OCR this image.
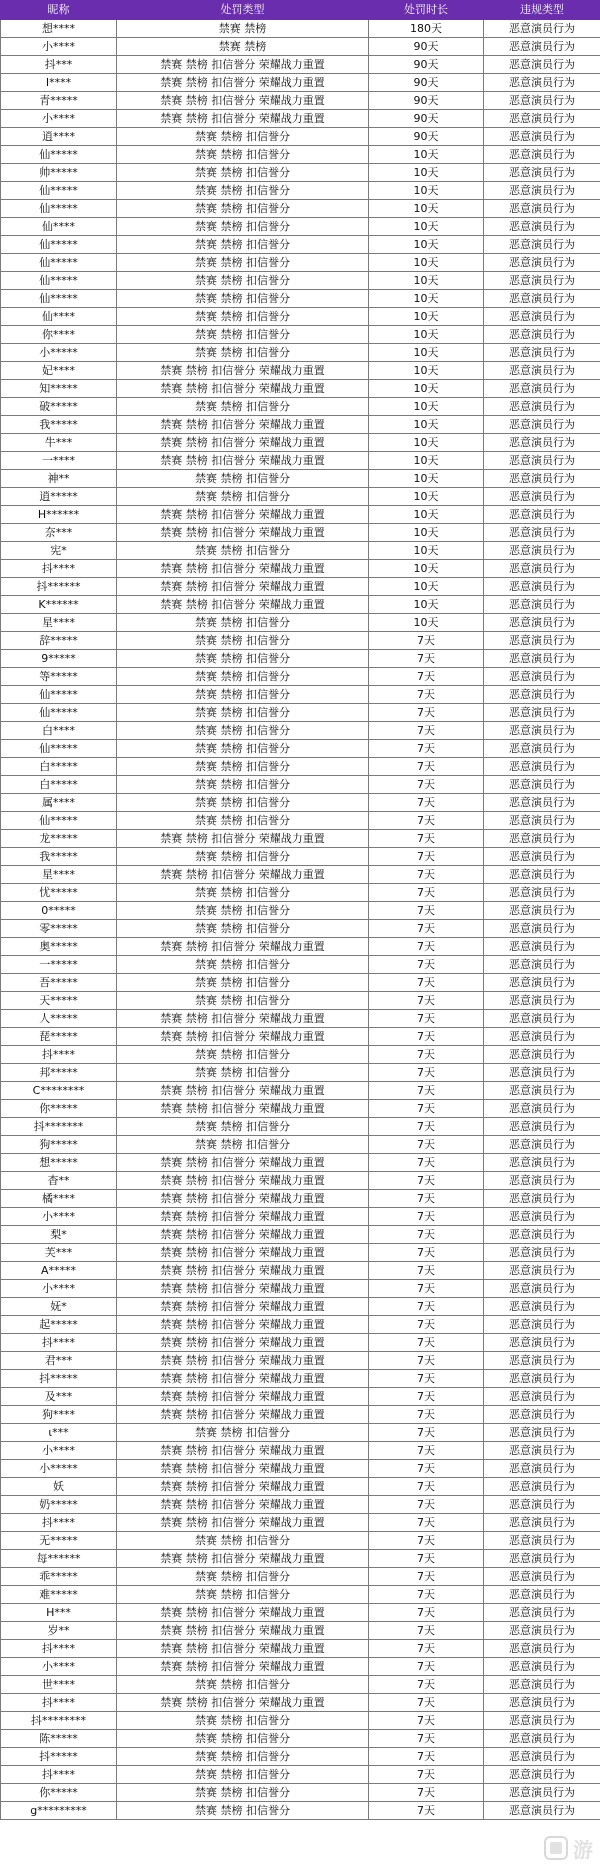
昵称	处罚类型	处罚时长	违规类型
想****	禁赛 禁榜	180天	恶意演员行为
小****	禁赛 禁榜	90天	恶意演员行为
抖***	禁赛 禁榜 扣信誉分 荣耀战力重置	90天	恶意演员行为
I****	禁赛 禁榜 扣信誉分 荣耀战力重置	90天	恶意演员行为
青*****	禁赛 禁榜 扣信誉分 荣耀战力重置	90天	恶意演员行为
小****	禁赛 禁榜 扣信誉分 荣耀战力重置	90天	恶意演员行为
逍****	禁赛 禁榜 扣信誉分	90天	恶意演员行为
仙*****	禁赛 禁榜 扣信誉分	10天	恶意演员行为
帅*****	禁赛 禁榜 扣信誉分	10天	恶意演员行为
仙*****	禁赛 禁榜 扣信誉分	10天	恶意演员行为
仙*****	禁赛 禁榜 扣信誉分	10天	恶意演员行为
仙****	禁赛 禁榜 扣信誉分	10天	恶意演员行为
仙*****	禁赛 禁榜 扣信誉分	10天	恶意演员行为
仙*****	禁赛 禁榜 扣信誉分	10天	恶意演员行为
仙*****	禁赛 禁榜 扣信誉分	10天	恶意演员行为
仙*****	禁赛 禁榜 扣信誉分	10天	恶意演员行为
仙****	禁赛 禁榜 扣信誉分	10天	恶意演员行为
你****	禁赛 禁榜 扣信誉分	10天	恶意演员行为
小*****	禁赛 禁榜 扣信誉分	10天	恶意演员行为
妃****	禁赛 禁榜 扣信誉分 荣耀战力重置	10天	恶意演员行为
知*****	禁赛 禁榜 扣信誉分 荣耀战力重置	10天	恶意演员行为
破*****	禁赛 禁榜 扣信誉分	10天	恶意演员行为
我*****	禁赛 禁榜 扣信誉分 荣耀战力重置	10天	恶意演员行为
牛***	禁赛 禁榜 扣信誉分 荣耀战力重置	10天	恶意演员行为
一****	禁赛 禁榜 扣信誉分 荣耀战力重置	10天	恶意演员行为
神**	禁赛 禁榜 扣信誉分	10天	恶意演员行为
逍*****	禁赛 禁榜 扣信誉分	10天	恶意演员行为
H******	禁赛 禁榜 扣信誉分 荣耀战力重置	10天	恶意演员行为
奈***	禁赛 禁榜 扣信誉分 荣耀战力重置	10天	恶意演员行为
宪*	禁赛 禁榜 扣信誉分	10天	恶意演员行为
抖****	禁赛 禁榜 扣信誉分 荣耀战力重置	10天	恶意演员行为
抖******	禁赛 禁榜 扣信誉分 荣耀战力重置	10天	恶意演员行为
K******	禁赛 禁榜 扣信誉分 荣耀战力重置	10天	恶意演员行为
星****	禁赛 禁榜 扣信誉分	10天	恶意演员行为
辞*****	禁赛 禁榜 扣信誉分	7天	恶意演员行为
9*****	禁赛 禁榜 扣信誉分	7天	恶意演员行为
等*****	禁赛 禁榜 扣信誉分	7天	恶意演员行为
仙*****	禁赛 禁榜 扣信誉分	7天	恶意演员行为
仙*****	禁赛 禁榜 扣信誉分	7天	恶意演员行为
白****	禁赛 禁榜 扣信誉分	7天	恶意演员行为
仙*****	禁赛 禁榜 扣信誉分	7天	恶意演员行为
白*****	禁赛 禁榜 扣信誉分	7天	恶意演员行为
白*****	禁赛 禁榜 扣信誉分	7天	恶意演员行为
属****	禁赛 禁榜 扣信誉分	7天	恶意演员行为
仙*****	禁赛 禁榜 扣信誉分	7天	恶意演员行为
龙*****	禁赛 禁榜 扣信誉分 荣耀战力重置	7天	恶意演员行为
我*****	禁赛 禁榜 扣信誉分	7天	恶意演员行为
星****	禁赛 禁榜 扣信誉分 荣耀战力重置	7天	恶意演员行为
忧*****	禁赛 禁榜 扣信誉分	7天	恶意演员行为
0*****	禁赛 禁榜 扣信誉分	7天	恶意演员行为
零*****	禁赛 禁榜 扣信誉分	7天	恶意演员行为
奥*****	禁赛 禁榜 扣信誉分 荣耀战力重置	7天	恶意演员行为
一*****	禁赛 禁榜 扣信誉分	7天	恶意演员行为
吾*****	禁赛 禁榜 扣信誉分	7天	恶意演员行为
天*****	禁赛 禁榜 扣信誉分	7天	恶意演员行为
人*****	禁赛 禁榜 扣信誉分 荣耀战力重置	7天	恶意演员行为
琵*****	禁赛 禁榜 扣信誉分 荣耀战力重置	7天	恶意演员行为
抖****	禁赛 禁榜 扣信誉分	7天	恶意演员行为
邦*****	禁赛 禁榜 扣信誉分	7天	恶意演员行为
C********	禁赛 禁榜 扣信誉分 荣耀战力重置	7天	恶意演员行为
你*****	禁赛 禁榜 扣信誉分 荣耀战力重置	7天	恶意演员行为
抖*******	禁赛 禁榜 扣信誉分	7天	恶意演员行为
狗*****	禁赛 禁榜 扣信誉分	7天	恶意演员行为
想*****	禁赛 禁榜 扣信誉分 荣耀战力重置	7天	恶意演员行为
杳**	禁赛 禁榜 扣信誉分 荣耀战力重置	7天	恶意演员行为
橘****	禁赛 禁榜 扣信誉分 荣耀战力重置	7天	恶意演员行为
小****	禁赛 禁榜 扣信誉分 荣耀战力重置	7天	恶意演员行为
梨*	禁赛 禁榜 扣信誉分 荣耀战力重置	7天	恶意演员行为
芙***	禁赛 禁榜 扣信誉分 荣耀战力重置	7天	恶意演员行为
A*****	禁赛 禁榜 扣信誉分 荣耀战力重置	7天	恶意演员行为
小****	禁赛 禁榜 扣信誉分 荣耀战力重置	7天	恶意演员行为
妩*	禁赛 禁榜 扣信誉分 荣耀战力重置	7天	恶意演员行为
起*****	禁赛 禁榜 扣信誉分 荣耀战力重置	7天	恶意演员行为
抖****	禁赛 禁榜 扣信誉分 荣耀战力重置	7天	恶意演员行为
君***	禁赛 禁榜 扣信誉分 荣耀战力重置	7天	恶意演员行为
抖*****	禁赛 禁榜 扣信誉分 荣耀战力重置	7天	恶意演员行为
及***	禁赛 禁榜 扣信誉分 荣耀战力重置	7天	恶意演员行为
狗****	禁赛 禁榜 扣信誉分 荣耀战力重置	7天	恶意演员行为
ι***	禁赛 禁榜 扣信誉分	7天	恶意演员行为
小****	禁赛 禁榜 扣信誉分 荣耀战力重置	7天	恶意演员行为
小*****	禁赛 禁榜 扣信誉分 荣耀战力重置	7天	恶意演员行为
妖	禁赛 禁榜 扣信誉分 荣耀战力重置	7天	恶意演员行为
奶*****	禁赛 禁榜 扣信誉分 荣耀战力重置	7天	恶意演员行为
抖****	禁赛 禁榜 扣信誉分 荣耀战力重置	7天	恶意演员行为
无*****	禁赛 禁榜 扣信誉分	7天	恶意演员行为
每******	禁赛 禁榜 扣信誉分 荣耀战力重置	7天	恶意演员行为
乖*****	禁赛 禁榜 扣信誉分	7天	恶意演员行为
难*****	禁赛 禁榜 扣信誉分	7天	恶意演员行为
H***	禁赛 禁榜 扣信誉分 荣耀战力重置	7天	恶意演员行为
岁**	禁赛 禁榜 扣信誉分 荣耀战力重置	7天	恶意演员行为
抖****	禁赛 禁榜 扣信誉分 荣耀战力重置	7天	恶意演员行为
小****	禁赛 禁榜 扣信誉分 荣耀战力重置	7天	恶意演员行为
世****	禁赛 禁榜 扣信誉分	7天	恶意演员行为
抖****	禁赛 禁榜 扣信誉分 荣耀战力重置	7天	恶意演员行为
抖********	禁赛 禁榜 扣信誉分	7天	恶意演员行为
陈*****	禁赛 禁榜 扣信誉分	7天	恶意演员行为
抖*****	禁赛 禁榜 扣信誉分	7天	恶意演员行为
抖****	禁赛 禁榜 扣信誉分	7天	恶意演员行为
你*****	禁赛 禁榜 扣信誉分	7天	恶意演员行为
g*********	禁赛 禁榜 扣信誉分	7天	恶意演员行为
游
